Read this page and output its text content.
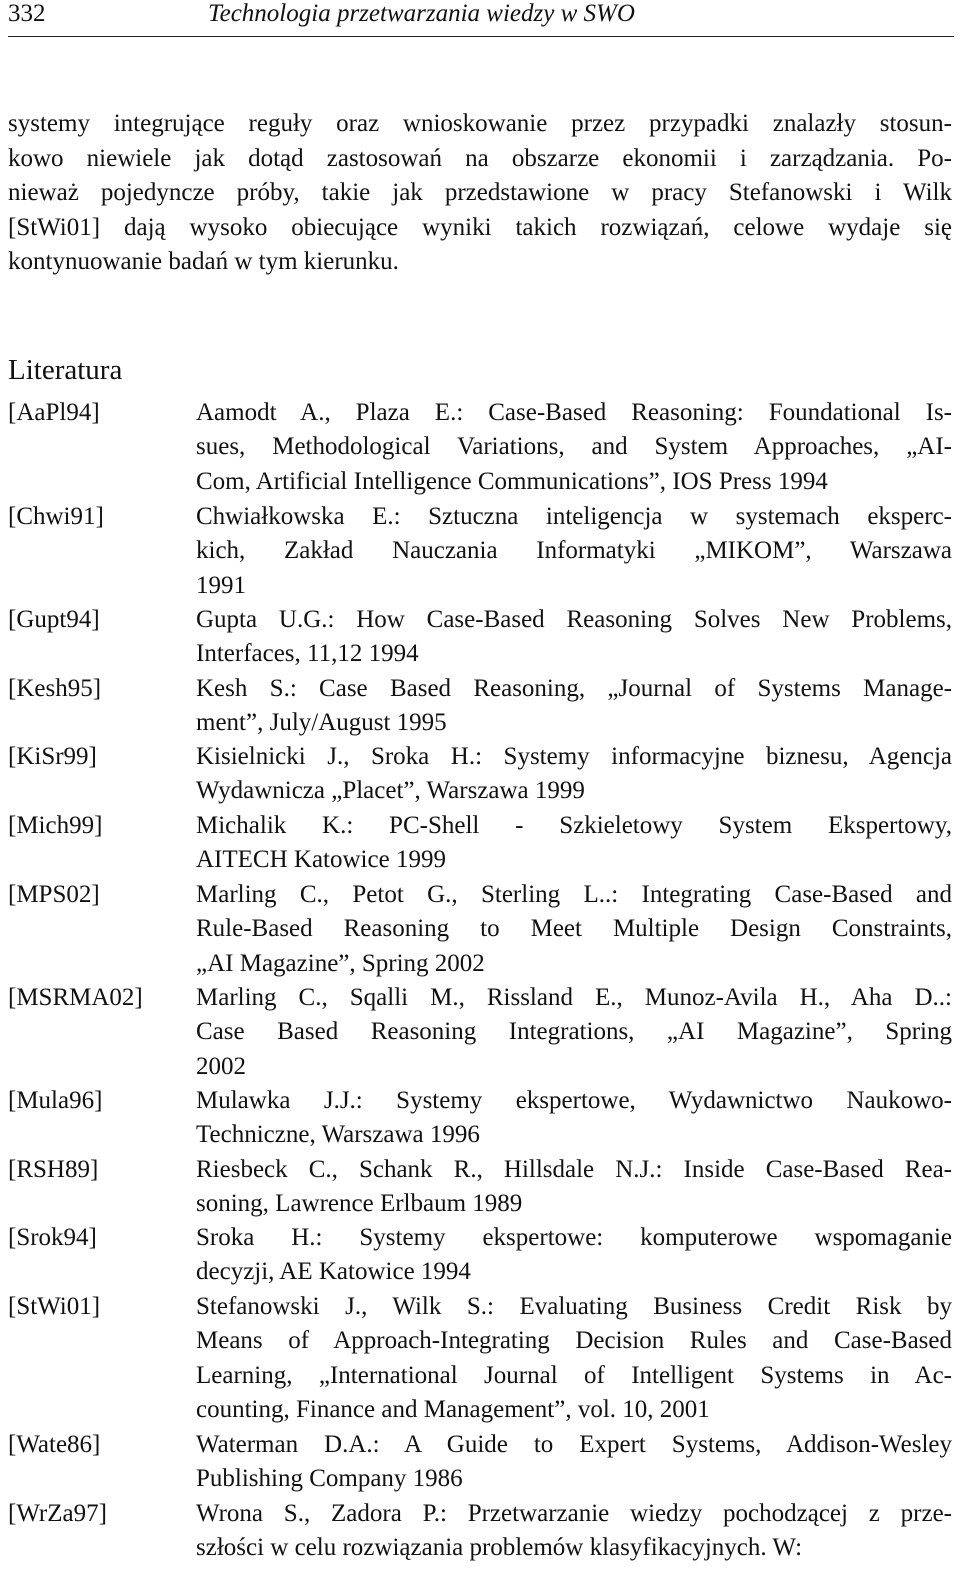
332	Technologia przetwarzania wiedzy w SWO
systemy integrujące reguły oraz wnioskowanie przez przypadki znalazły stosun-
kowo niewiele jak dotąd zastosowań na obszarze ekonomii i zarządzania. Po-
nieważ pojedyncze próby, takie jak przedstawione w pracy Stefanowski i Wilk
[StWi01] dają wysoko obiecujące wyniki takich rozwiązań, celowe wydaje się
kontynuowanie badań w tym kierunku.
Literatura
[AaPl94]	Aamodt A., Plaza E.: Case-Based Reasoning: Foundational Is-
sues, Methodological Variations, and System Approaches, „AI-
Com, Artificial Intelligence Communications”, IOS Press 1994
[Chwi91]	Chwiałkowska E.: Sztuczna inteligencja w systemach eksperc-
kich, Zakład Nauczania Informatyki „MIKOM”, Warszawa
1991
[Gupt94]	Gupta U.G.: How Case-Based Reasoning Solves New Problems,
Interfaces, 11,12 1994
[Kesh95]	Kesh S.: Case Based Reasoning, „Journal of Systems Manage-
ment”, July/August 1995
[KiSr99]	Kisielnicki J., Sroka H.: Systemy informacyjne biznesu, Agencja
Wydawnicza „Placet”, Warszawa 1999
[Mich99]	Michalik K.: PC-Shell - Szkieletowy System Ekspertowy,
AITECH Katowice 1999
[MPS02]	Marling C., Petot G., Sterling L..: Integrating Case-Based and
Rule-Based Reasoning to Meet Multiple Design Constraints,
„AI Magazine”, Spring 2002
[MSRMA02] Marling C., Sqalli M., Rissland E., Munoz-Avila H., Aha D..:
Case Based Reasoning Integrations, „AI Magazine”, Spring
2002
[Mula96]	Mulawka J.J.: Systemy ekspertowe, Wydawnictwo Naukowo-
Techniczne, Warszawa 1996
[RSH89]	Riesbeck C., Schank R., Hillsdale N.J.: Inside Case-Based Rea-
soning, Lawrence Erlbaum 1989
[Srok94]	Sroka H.: Systemy ekspertowe: komputerowe wspomaganie
decyzji, AE Katowice 1994
[StWi01]	Stefanowski J., Wilk S.: Evaluating Business Credit Risk by
Means of Approach-Integrating Decision Rules and Case-Based
Learning, „International Journal of Intelligent Systems in Ac-
counting, Finance and Management”, vol. 10, 2001
[Wate86]	Waterman D.A.: A Guide to Expert Systems, Addison-Wesley
Publishing Company 1986
[WrZa97]	Wrona S., Zadora P.: Przetwarzanie wiedzy pochodzącej z prze-
szłości w celu rozwiązania problemów klasyfikacyjnych. W:
